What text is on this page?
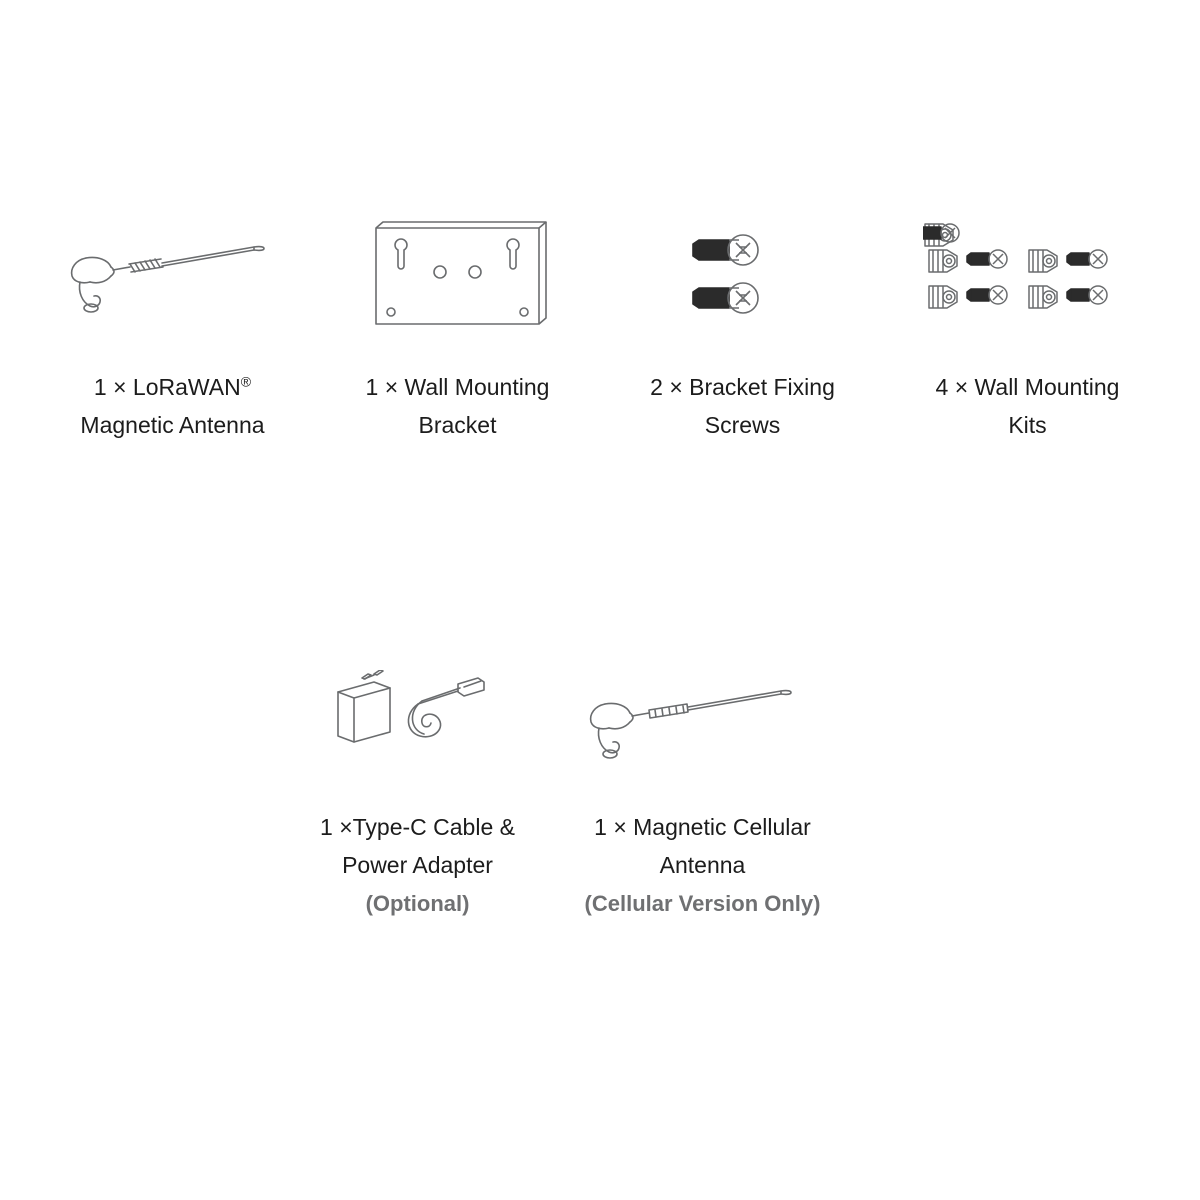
1 × LoRaWAN®
Magnetic Antenna
1 × Wall Mounting
Bracket
2 × Bracket Fixing
Screws
4 × Wall Mounting
Kits
1 ×Type-C Cable &
Power Adapter
(Optional)
1 × Magnetic Cellular
Antenna
(Cellular Version Only)
